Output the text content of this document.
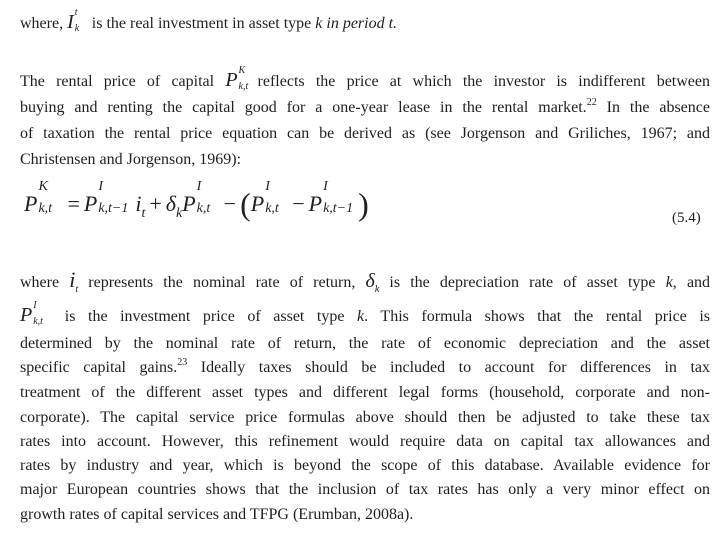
where, I t
k is the real investment in asset type k in period t.
The rental price of capital P K
k,t reflects the price at which the investor is indifferent between
buying and renting the capital good for a one-year lease in the rental market.$^{22}$ In the absence
of taxation the rental price equation can be derived as (see Jorgenson and Griliches, 1967; and
Christensen and Jorgenson, 1969):
P
K
k,t = P
I
k,t−1 $i_t + \delta_kP$
I
k,t − (P
I
k,t − P
I
k,t−1 )	(5.4)
where $i_t$ represents the nominal rate of return, $\delta_k$ is the depreciation rate of asset type k, and
P I
k,t is the investment price of asset type k. This formula shows that the rental price is
determined by the nominal rate of return, the rate of economic depreciation and the asset
specific capital gains.$^{23}$ Ideally taxes should be included to account for differences in tax
treatment of the different asset types and different legal forms (household, corporate and non-
corporate). The capital service price formulas above should then be adjusted to take these tax
rates into account. However, this refinement would require data on capital tax allowances and
rates by industry and year, which is beyond the scope of this database. Available evidence for
major European countries shows that the inclusion of tax rates has only a very minor effect on
growth rates of capital services and TFPG (Erumban, 2008a).
